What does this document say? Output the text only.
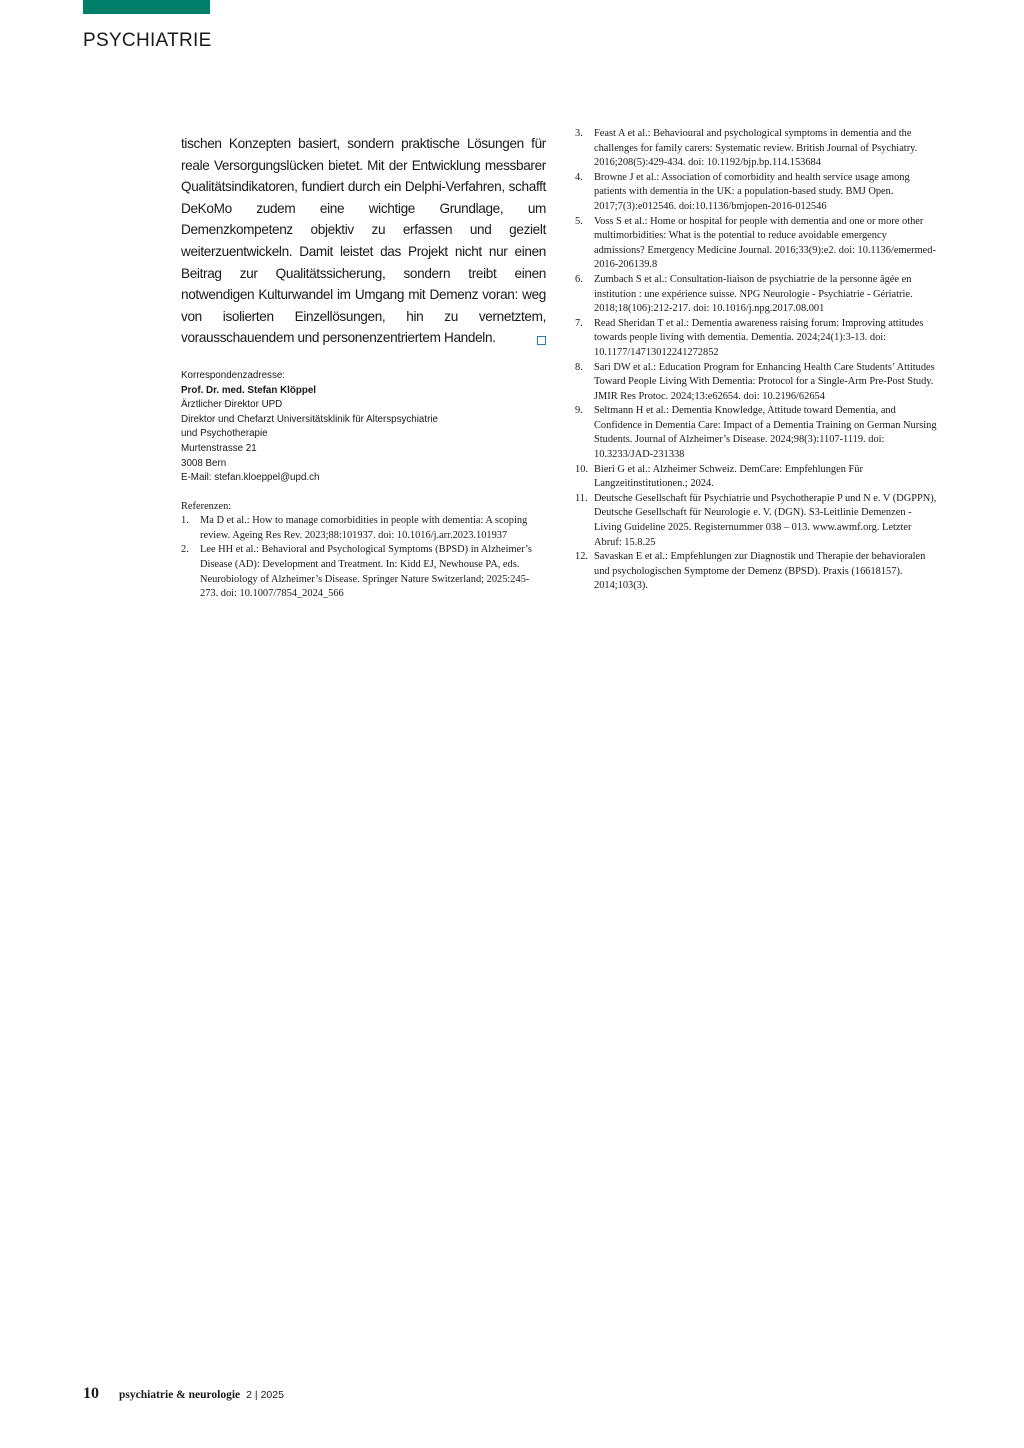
PSYCHIATRIE

tischen Konzepten basiert, sondern praktische Lösungen für reale Versorgungslücken bietet. Mit der Entwicklung messbarer Qualitätsindikatoren, fundiert durch ein Delphi-Verfahren, schafft DeKoMo zudem eine wichtige Grundlage, um Demenzkompetenz objektiv zu erfassen und gezielt weiterzuentwickeln. Damit leistet das Projekt nicht nur einen Beitrag zur Qualitätssicherung, sondern treibt einen notwendigen Kulturwandel im Umgang mit Demenz voran: weg von isolierten Einzellösungen, hin zu vernetztem, vorausschauendem und personenzentriertem Handeln.

Korrespondenzadresse:
Prof. Dr. med. Stefan Klöppel
Ärztlicher Direktor UPD
Direktor und Chefarzt Universitätsklinik für Alterspsychiatrie
und Psychotherapie
Murtenstrasse 21
3008 Bern
E-Mail: stefan.kloeppel@upd.ch
Referenzen:
1.	Ma D et al.: How to manage comorbidities in people with dementia: A scoping review. Ageing Res Rev. 2023;88:101937. doi: 10.1016/j.arr.2023.101937
2.	Lee HH et al.: Behavioral and Psychological Symptoms (BPSD) in Alzheimer’s Disease (AD): Development and Treatment. In: Kidd EJ, Newhouse PA, eds. Neurobiology of Alzheimer’s Disease. Springer Nature Switzerland; 2025:245-273. doi: 10.1007/7854_2024_566
3.	Feast A et al.: Behavioural and psychological symptoms in dementia and the challenges for family carers: Systematic review. British Journal of Psychiatry. 2016;208(5):429-434. doi: 10.1192/bjp.bp.114.153684
4.	Browne J et al.: Association of comorbidity and health service usage among patients with dementia in the UK: a population-based study. BMJ Open. 2017;7(3):e012546. doi:10.1136/bmjopen-2016-012546
5.	Voss S et al.: Home or hospital for people with dementia and one or more other multimorbidities: What is the potential to reduce avoidable emergency admissions? Emergency Medicine Journal. 2016;33(9):e2. doi: 10.1136/emermed-2016-206139.8
6.	Zumbach S et al.: Consultation-liaison de psychiatrie de la personne âgée en institution : une expérience suisse. NPG Neurologie - Psychiatrie - Gériatrie. 2018;18(106):212-217. doi: 10.1016/j.npg.2017.08.001
7.	Read Sheridan T et al.: Dementia awareness raising forum: Improving attitudes towards people living with dementia. Dementia. 2024;24(1):3-13. doi: 10.1177/14713012241272852
8.	Sari DW et al.: Education Program for Enhancing Health Care Students’ Attitudes Toward People Living With Dementia: Protocol for a Single-Arm Pre-Post Study. JMIR Res Protoc. 2024;13:e62654. doi: 10.2196/62654
9.	Seltmann H et al.: Dementia Knowledge, Attitude toward Dementia, and Confidence in Dementia Care: Impact of a Dementia Training on German Nursing Students. Journal of Alzheimer’s Disease. 2024;98(3):1107-1119. doi: 10.3233/JAD-231338
10. Bieri G et al.: Alzheimer Schweiz. DemCare: Empfehlungen Für Langzeitinstitutionen.; 2024.
11. Deutsche Gesellschaft für Psychiatrie und Psychotherapie P und N e. V (DGPPN), Deutsche Gesellschaft für Neurologie e. V. (DGN). S3-Leitlinie Demenzen - Living Guideline 2025. Registernummer 038 – 013. www.awmf.org. Letzter Abruf: 15.8.25
12. Savaskan E et al.: Empfehlungen zur Diagnostik und Therapie der behavioralen und psychologischen Symptome der Demenz (BPSD). Praxis (16618157). 2014;103(3).
10 psychiatrie & neurologie 2 | 2025
